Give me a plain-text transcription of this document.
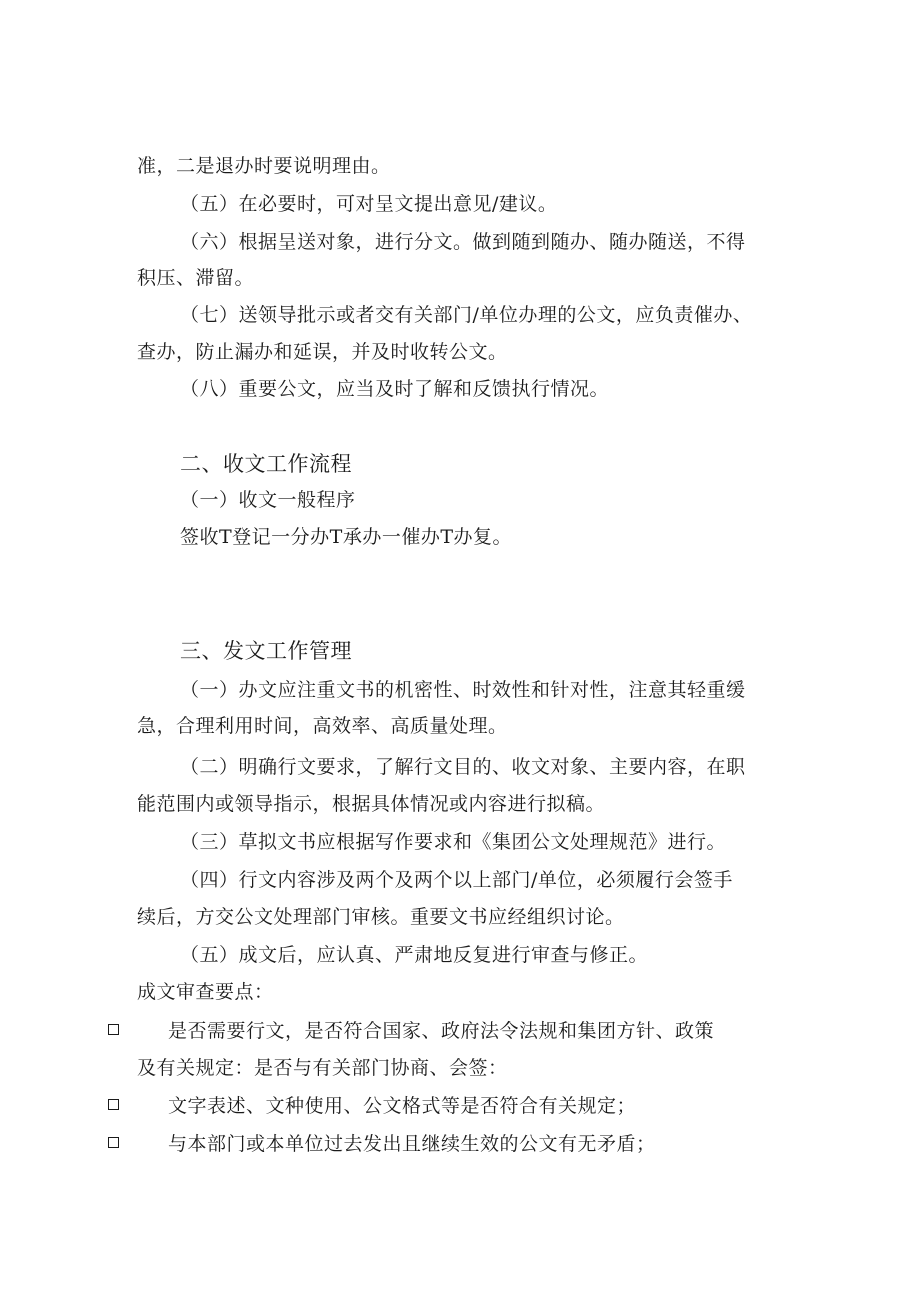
准，二是退办时要说明理由。
（五）在必要时，可对呈文提出意见/建议。
（六）根据呈送对象，进行分文。做到随到随办、随办随送，不得
积压、滞留。
（七）送领导批示或者交有关部门/单位办理的公文，应负责催办、
查办，防止漏办和延误，并及时收转公文。
（八）重要公文，应当及时了解和反馈执行情况。
二、收文工作流程
（一）收文一般程序
签收T登记一分办T承办一催办T办复。
三、发文工作管理
（一）办文应注重文书的机密性、时效性和针对性，注意其轻重缓
急，合理利用时间，高效率、高质量处理。
（二）明确行文要求，了解行文目的、收文对象、主要内容，在职
能范围内或领导指示，根据具体情况或内容进行拟稿。
（三）草拟文书应根据写作要求和《集团公文处理规范》进行。
（四）行文内容涉及两个及两个以上部门/单位，必须履行会签手
续后，方交公文处理部门审核。重要文书应经组织讨论。
（五）成文后，应认真、严肃地反复进行审查与修正。
成文审查要点：
是否需要行文，是否符合国家、政府法令法规和集团方针、政策
及有关规定：是否与有关部门协商、会签：
文字表述、文种使用、公文格式等是否符合有关规定；
与本部门或本单位过去发出且继续生效的公文有无矛盾；
